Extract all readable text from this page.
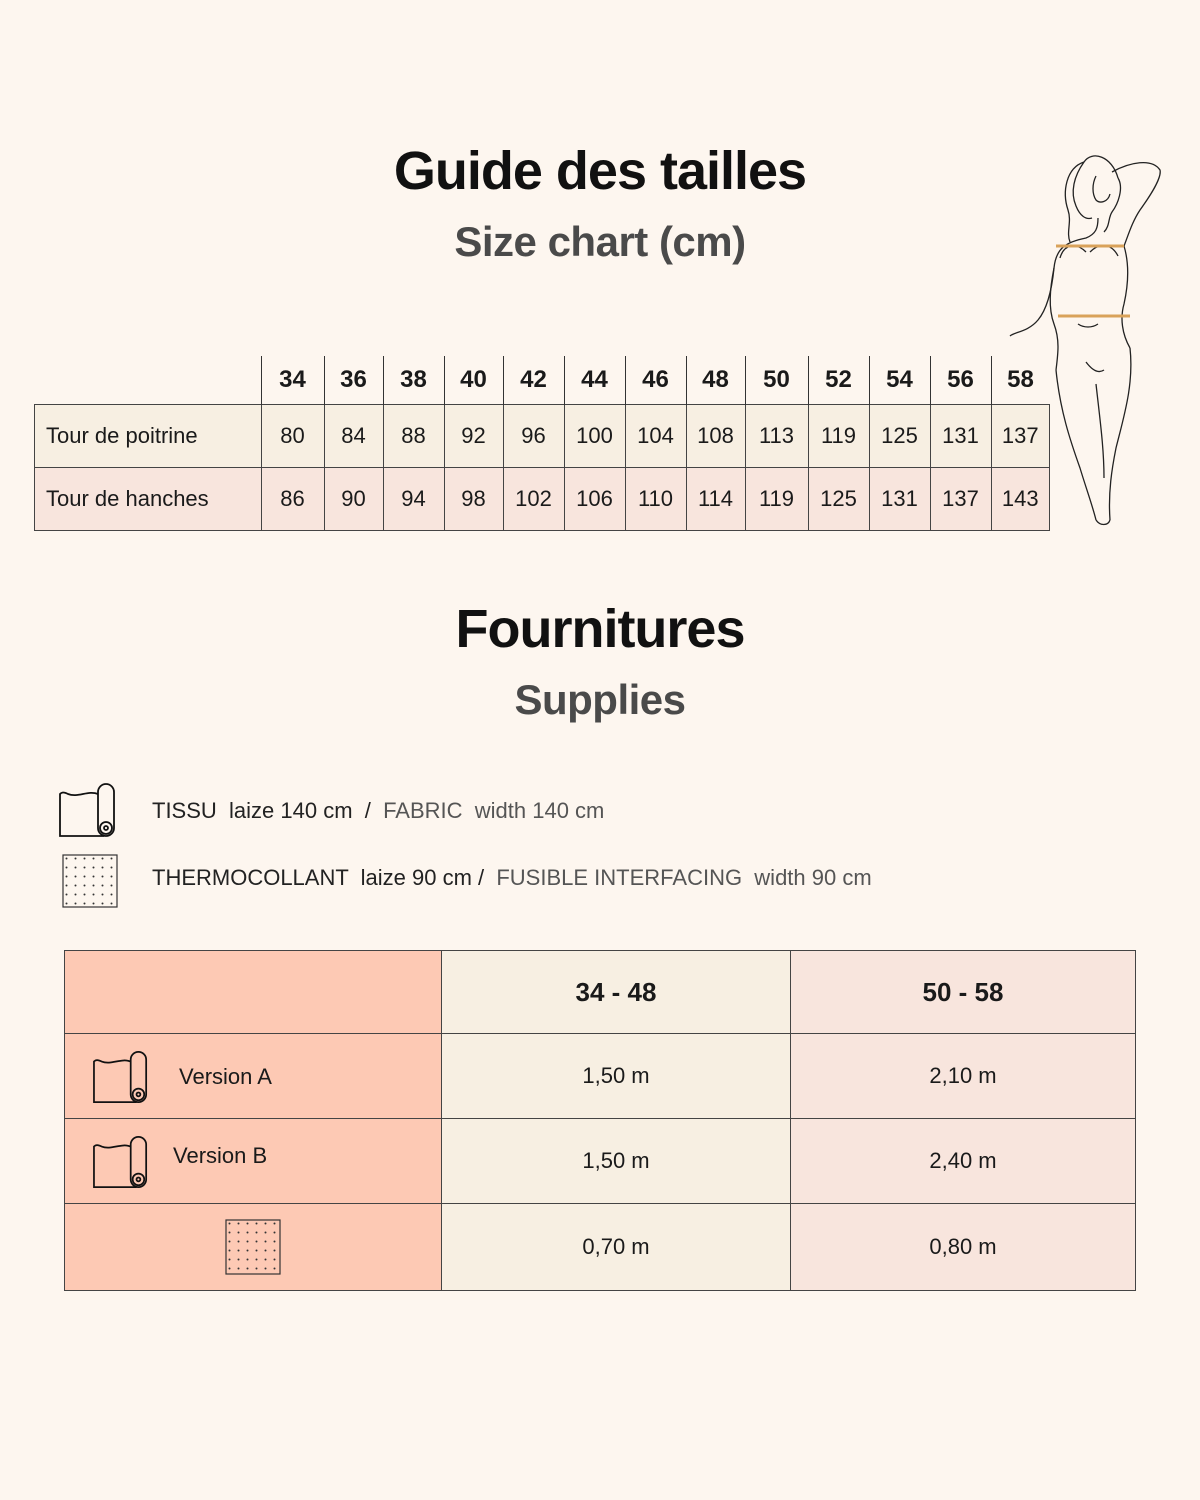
Guide des tailles
Size chart (cm)
	34	36	38	40	42	44	46	48	50	52	54	56	58
Tour de poitrine	80	84	88	92	96	100	104	108	113	119	125	131	137
Tour de hanches	86	90	94	98	102	106	110	114	119	125	131	137	143
Fournitures
Supplies
TISSU  laize 140 cm  /  FABRIC  width 140 cm
THERMOCOLLANT  laize 90 cm /  FUSIBLE INTERFACING  width 90 cm
	34 - 48	50 - 58

Version A	1,50 m	2,10 m

Version B	1,50 m	2,40 m

	0,70 m	0,80 m
